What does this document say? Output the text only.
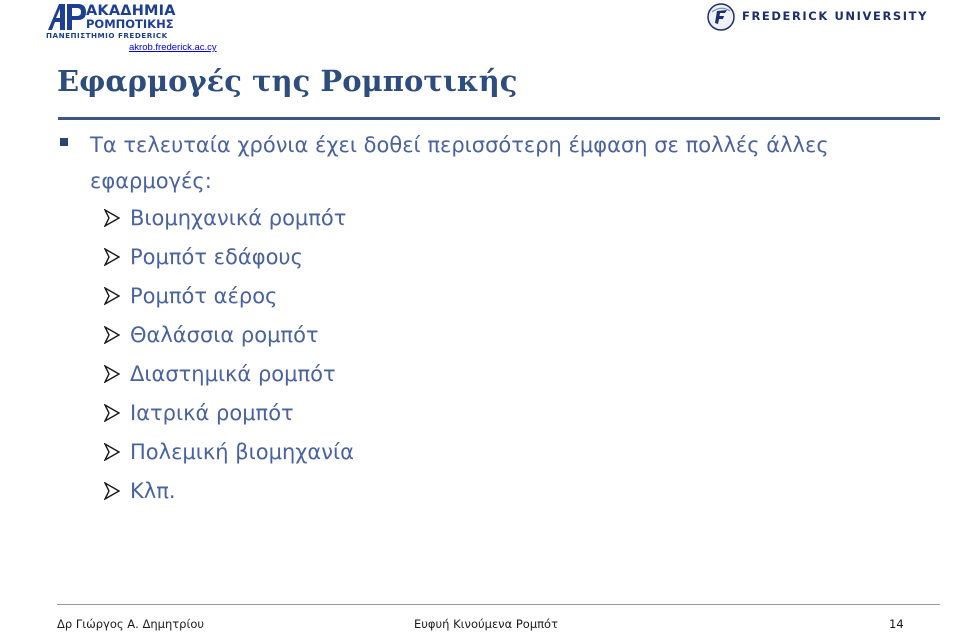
ΑΚΑΔΗΜΙΑ
ΡΟΜΠΟΤΙΚΗΣ
ΠΑΝΕΠΙΣΤΗΜΙΟ FREDERICK
akrob.frederick.ac.cy
FREDERICK UNIVERSITY
Εφαρμογές της Ρομποτικής
Τα τελευταία χρόνια έχει δοθεί περισσότερη έμφαση σε πολλές άλλες εφαρμογές:
Βιομηχανικά ρομπότ
Ρομπότ εδάφους
Ρομπότ αέρος
Θαλάσσια ρομπότ
Διαστημικά ρομπότ
Ιατρικά ρομπότ
Πολεμική βιομηχανία
Κλπ.
Δρ Γιώργος Α. Δημητρίου	Ευφυή Κινούμενα Ρομπότ	14
